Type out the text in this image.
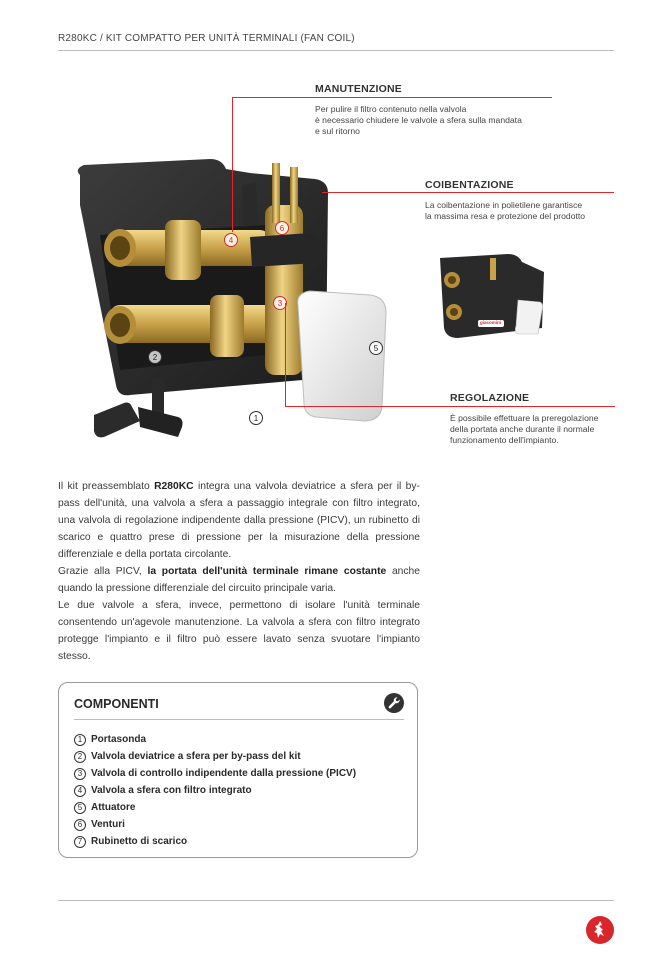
R280KC / KIT COMPATTO PER UNITÀ TERMINALI (FAN COIL)
4
6
3
2
5
1
MANUTENZIONE
Per pulire il filtro contenuto nella valvola
è necessario chiudere le valvole a sfera sulla mandata
e sul ritorno
COIBENTAZIONE
La coibentazione in polietilene garantisce
la massima resa e protezione del prodotto
giacomini
REGOLAZIONE
È possibile effettuare la preregolazione
della portata anche durante il normale
funzionamento dell'impianto.
Il kit preassemblato R280KC integra una valvola deviatrice a sfera per il by-pass dell'unità, una valvola a sfera a passaggio integrale con filtro integrato, una valvola di regolazione indipendente dalla pressione (PICV), un rubinetto di scarico e quattro prese di pressione per la misurazione della pressione differenziale e della portata circolante.
Grazie alla PICV, la portata dell'unità terminale rimane costante anche quando la pressione differenziale del circuito principale varia.
Le due valvole a sfera, invece, permettono di isolare l'unità terminale consentendo un'agevole manutenzione. La valvola a sfera con filtro integrato protegge l'impianto e il filtro può essere lavato senza svuotare l'impianto stesso.
COMPONENTI
1 Portasonda
2 Valvola deviatrice a sfera per by-pass del kit
3 Valvola di controllo indipendente dalla pressione (PICV)
4 Valvola a sfera con filtro integrato
5 Attuatore
6 Venturi
7 Rubinetto di scarico
